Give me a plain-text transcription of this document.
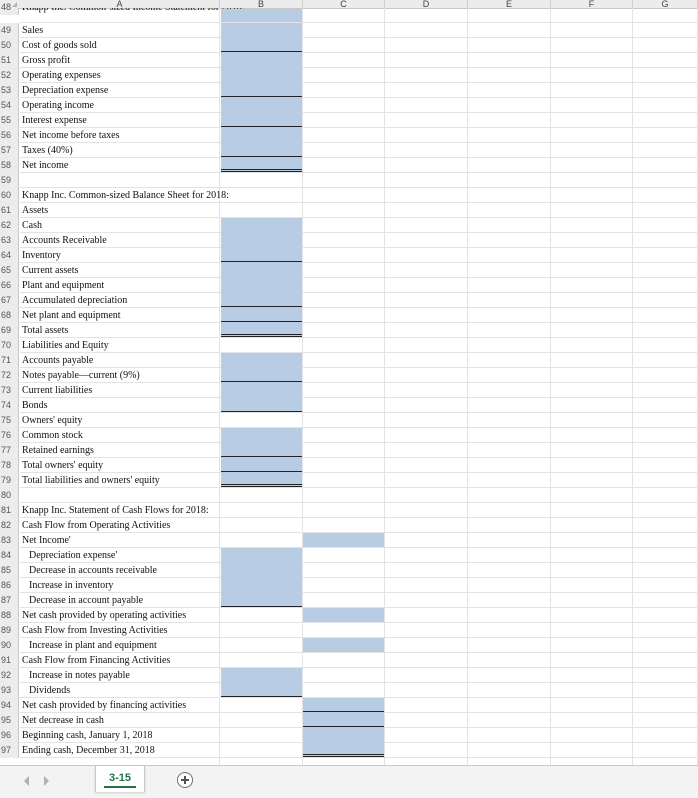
A	B	C	D	E	F	G
48
49	Sales
50	Cost of goods sold
51	Gross profit
52	Operating expenses
53	Depreciation expense
54	Operating income
55	Interest expense
56	Net income before taxes
57	Taxes (40%)
58	Net income
59
60	Knapp Inc. Common-sized Balance Sheet for 2018:
61	Assets
62	Cash
63	Accounts Receivable
64	Inventory
65	Current assets
66	Plant and equipment
67	Accumulated depreciation
68	Net plant and equipment
69	Total assets
70	Liabilities and Equity
71	Accounts payable
72	Notes payable—current (9%)
73	Current liabilities
74	Bonds
75	Owners' equity
76	Common stock
77	Retained earnings
78	Total owners' equity
79	Total liabilities and owners' equity
80
81	Knapp Inc. Statement of Cash Flows for 2018:
82	Cash Flow from Operating Activities
83	Net Income'
84	Depreciation expense'
85	Decrease in accounts receivable
86	Increase in inventory
87	Decrease in account payable
88	Net cash provided by operating activities
89	Cash Flow from Investing Activities
90	Increase in plant and equipment
91	Cash Flow from Financing Activities
92	Increase in notes payable
93	Dividends
94	Net cash provided by financing activities
95	Net decrease in cash
96	Beginning cash, January 1, 2018
97	Ending cash, December 31, 2018
3-15
